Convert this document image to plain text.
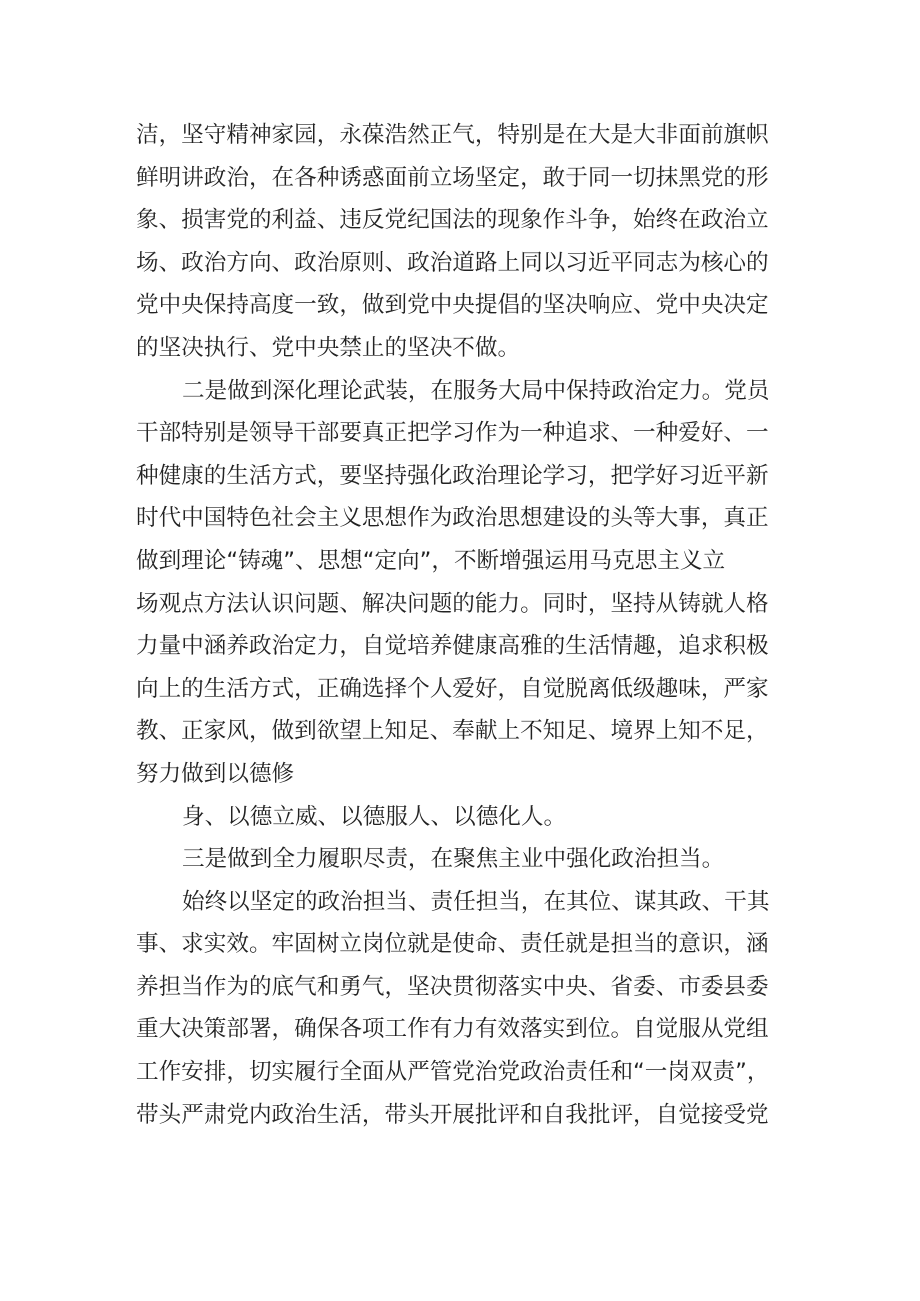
洁，坚守精神家园，永葆浩然正气，特别是在大是大非面前旗帜
鲜明讲政治，在各种诱惑面前立场坚定，敢于同一切抹黑党的形
象、损害党的利益、违反党纪国法的现象作斗争，始终在政治立
场、政治方向、政治原则、政治道路上同以习近平同志为核心的
党中央保持高度一致，做到党中央提倡的坚决响应、党中央决定
的坚决执行、党中央禁止的坚决不做。
二是做到深化理论武装，在服务大局中保持政治定力。党员
干部特别是领导干部要真正把学习作为一种追求、一种爱好、一
种健康的生活方式，要坚持强化政治理论学习，把学好习近平新
时代中国特色社会主义思想作为政治思想建设的头等大事，真正
做到理论“铸魂”、思想“定向”，不断增强运用马克思主义立
场观点方法认识问题、解决问题的能力。同时，坚持从铸就人格
力量中涵养政治定力，自觉培养健康高雅的生活情趣，追求积极
向上的生活方式，正确选择个人爱好，自觉脱离低级趣味，严家
教、正家风，做到欲望上知足、奉献上不知足、境界上知不足，
努力做到以德修
身、以德立威、以德服人、以德化人。
三是做到全力履职尽责，在聚焦主业中强化政治担当。
始终以坚定的政治担当、责任担当，在其位、谋其政、干其
事、求实效。牢固树立岗位就是使命、责任就是担当的意识，涵
养担当作为的底气和勇气，坚决贯彻落实中央、省委、市委县委
重大决策部署，确保各项工作有力有效落实到位。自觉服从党组
工作安排，切实履行全面从严管党治党政治责任和“一岗双责”，
带头严肃党内政治生活，带头开展批评和自我批评，自觉接受党
